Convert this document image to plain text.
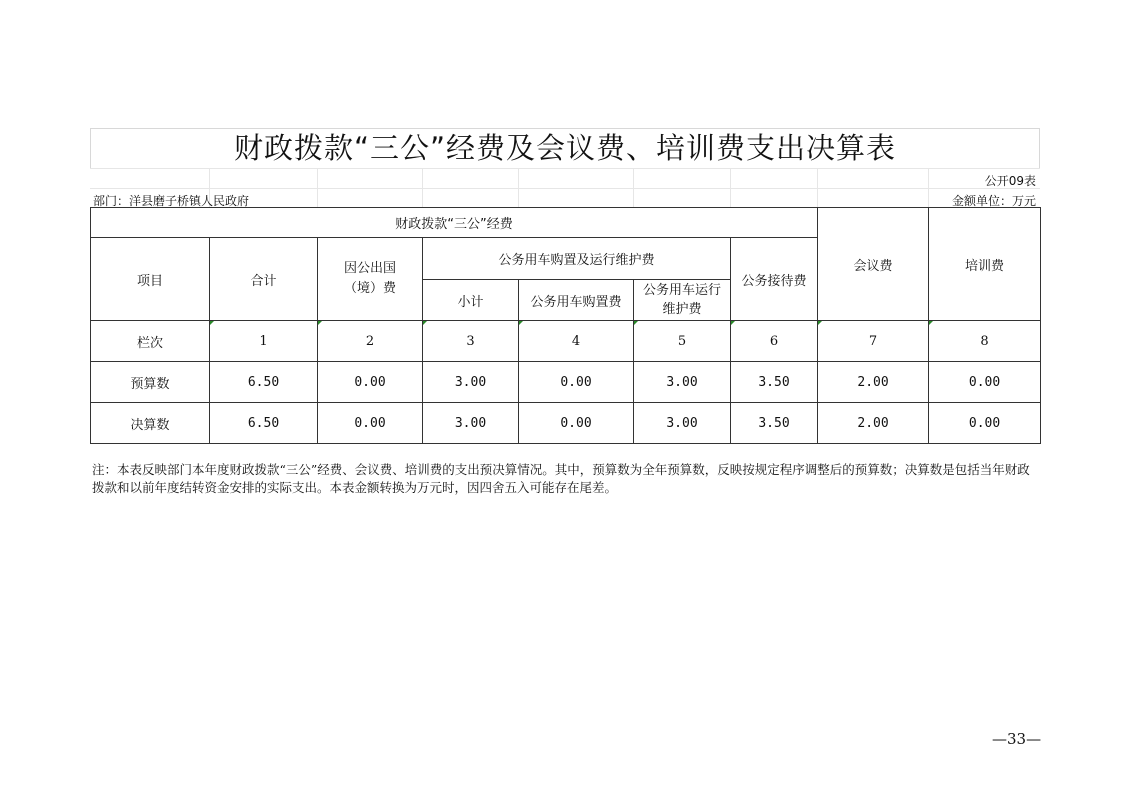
财政拨款“三公”经费及会议费、培训费支出决算表
公开09表
部门：洋县磨子桥镇人民政府	金额单位：万元
财政拨款“三公”经费							会议费	培训费
项目	合计	因公出国（境）费	公务用车购置及运行维护费			公务接待费		
			小计	公务用车购置费	公务用车运行维护费			
栏次	1	2	3	4	5	6	7	8
预算数	6.50	0.00	3.00	0.00	3.00	3.50	2.00	0.00
决算数	6.50	0.00	3.00	0.00	3.00	3.50	2.00	0.00
注：本表反映部门本年度财政拨款“三公”经费、会议费、培训费的支出预决算情况。其中，预算数为全年预算数，反映按规定程序调整后的预算数；决算数是包括当年财政拨款和以前年度结转资金安排的实际支出。本表金额转换为万元时，因四舍五入可能存在尾差。
—33—
